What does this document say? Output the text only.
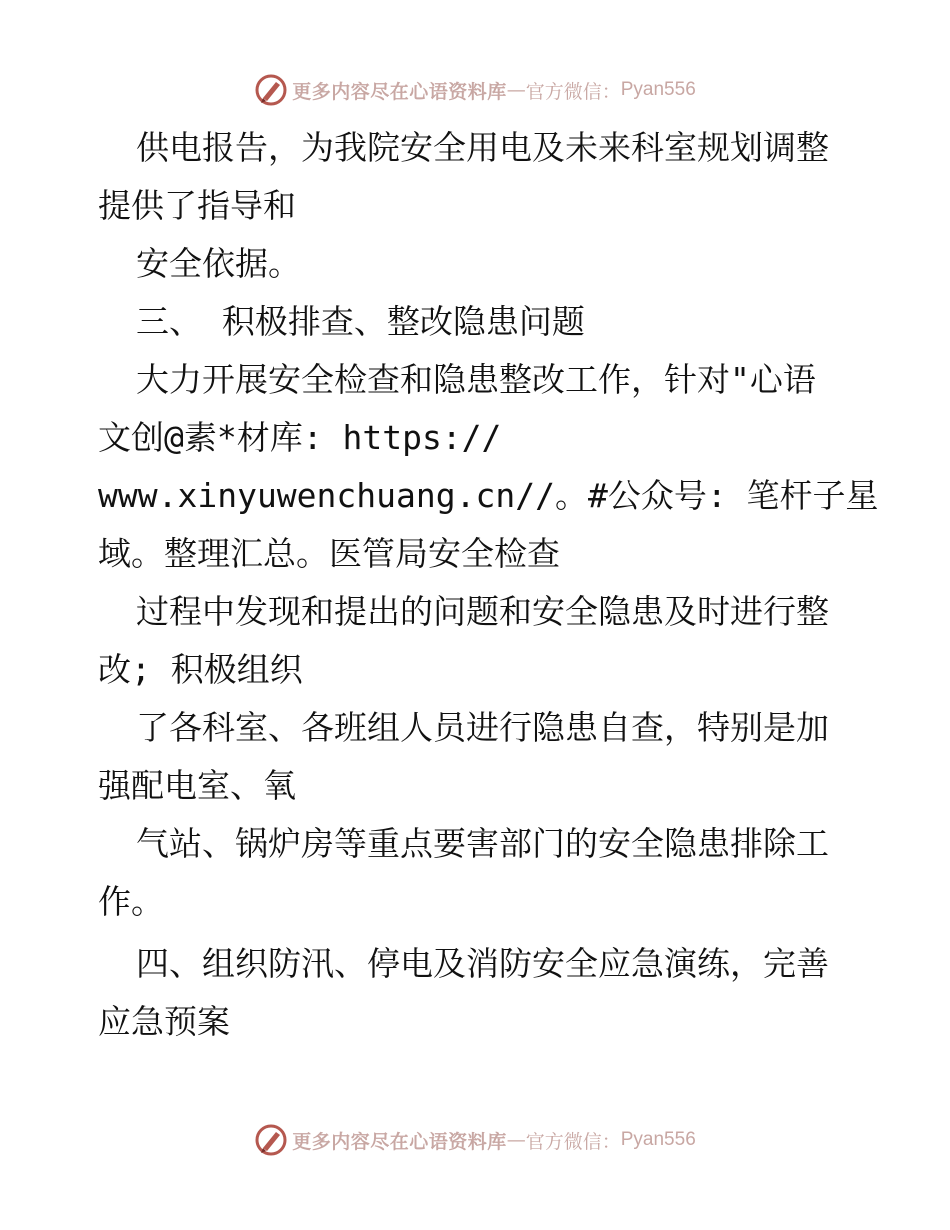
更多内容尽在心语资料库 — 官方微信： Pyan556
供电报告，为我院安全用电及未来科室规划调整
提供了指导和
安全依据。
三、 积极排查、整改隐患问题
大力开展安全检查和隐患整改工作，针对"心语
文创@素*材库: https://
www.xinyuwenchuang.cn//。#公众号: 笔杆子星
域。整理汇总。医管局安全检查
过程中发现和提出的问题和安全隐患及时进行整
改; 积极组织
了各科室、各班组人员进行隐患自查，特别是加
强配电室、氧
气站、锅炉房等重点要害部门的安全隐患排除工
作。
四、组织防汛、停电及消防安全应急演练，完善
应急预案
更多内容尽在心语资料库 — 官方微信： Pyan556
